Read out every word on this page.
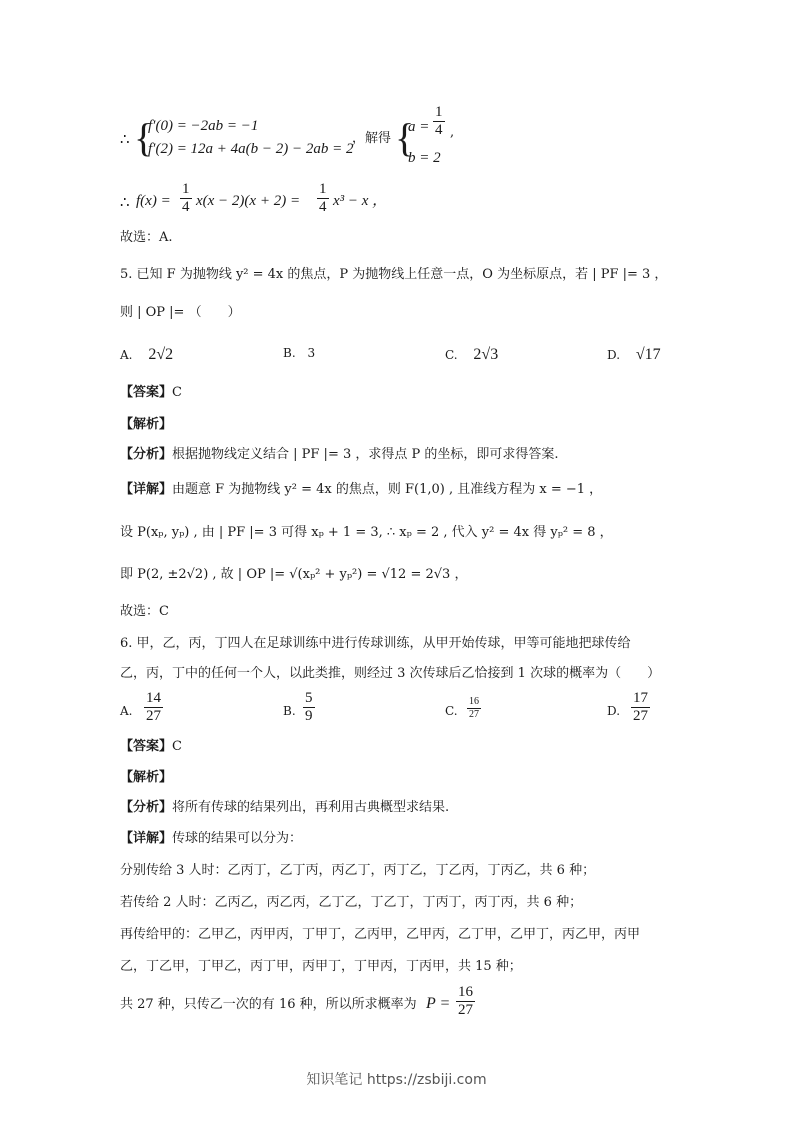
∴ {
f′(0) = −2ab = −1
f′(2) = 12a + 4a(b − 2) − 2ab = 2
，解得 {
$a = \frac{1}{4}$ ,
b = 2
∴ $f(x) = \frac{1}{4} x(x - 2)(x + 2) = \frac{1}{4} x^3 - x$ ，
故选：A.
5. 已知 F 为抛物线 y² = 4x 的焦点，P 为抛物线上任意一点，O 为坐标原点，若 | PF |= 3 ，
则 | OP |= （　　）
A. 2√2	B. 3	C. 2√3	D. √17
【答案】C
【解析】
【分析】根据抛物线定义结合 | PF |= 3 ，求得点 P 的坐标，即可求得答案.
【详解】由题意 F 为抛物线 y² = 4x 的焦点，则 F(1,0) , 且准线方程为 x = −1 ，
设 P(xₚ, yₚ) , 由 | PF |= 3 可得 xₚ + 1 = 3, ∴ xₚ = 2 , 代入 y² = 4x 得 yₚ² = 8 ，
即 P(2, ±2√2) , 故 | OP |= √(xₚ² + yₚ²) = √12 = 2√3 ，
故选：C
6. 甲，乙，丙，丁四人在足球训练中进行传球训练，从甲开始传球，甲等可能地把球传给
乙，丙，丁中的任何一个人，以此类推，则经过 3 次传球后乙恰接到 1 次球的概率为（　　）
A. $\frac{14}{27}$	B. $\frac{5}{9}$	C. $\frac{16}{27}$	D. $\frac{17}{27}$
【答案】C
【解析】
【分析】将所有传球的结果列出，再利用古典概型求结果.
【详解】传球的结果可以分为：
分别传给 3 人时：乙丙丁，乙丁丙，丙乙丁，丙丁乙，丁乙丙，丁丙乙，共 6 种；
若传给 2 人时：乙丙乙，丙乙丙，乙丁乙，丁乙丁，丁丙丁，丙丁丙，共 6 种；
再传给甲的：乙甲乙，丙甲丙，丁甲丁，乙丙甲，乙甲丙，乙丁甲，乙甲丁，丙乙甲，丙甲
乙，丁乙甲，丁甲乙，丙丁甲，丙甲丁，丁甲丙，丁丙甲，共 15 种；
共 27 种，只传乙一次的有 16 种，所以所求概率为 $P = \frac{16}{27}$
知识笔记 https://zsbiji.com
